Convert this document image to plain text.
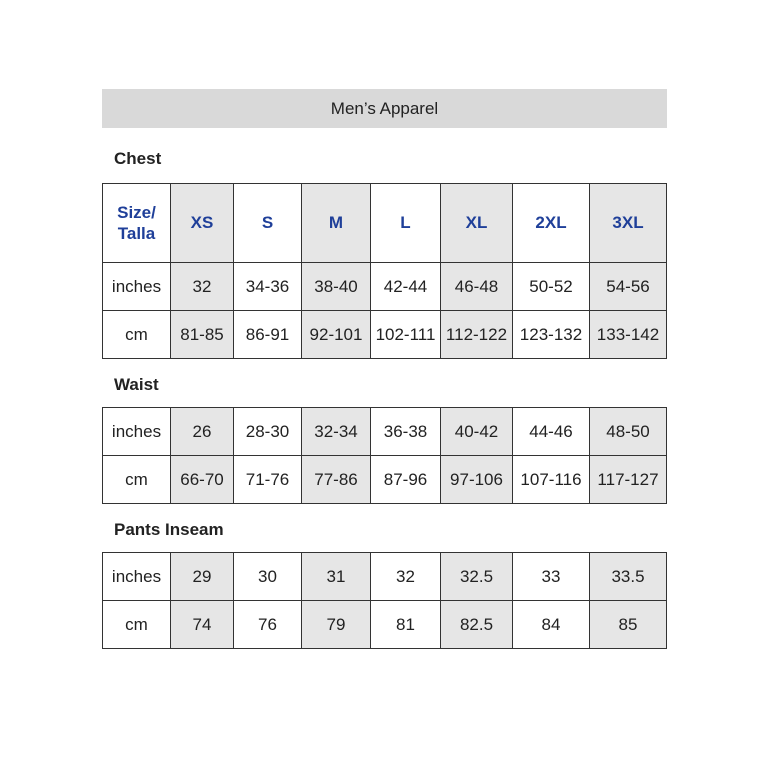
Men’s Apparel
Chest
Size/ Talla	XS	S	M	L	XL	2XL	3XL
inches	32	34-36	38-40	42-44	46-48	50-52	54-56
cm	81-85	86-91	92-101	102-111	112-122	123-132	133-142
Waist
inches	26	28-30	32-34	36-38	40-42	44-46	48-50
cm	66-70	71-76	77-86	87-96	97-106	107-116	117-127
Pants Inseam
inches	29	30	31	32	32.5	33	33.5
cm	74	76	79	81	82.5	84	85
